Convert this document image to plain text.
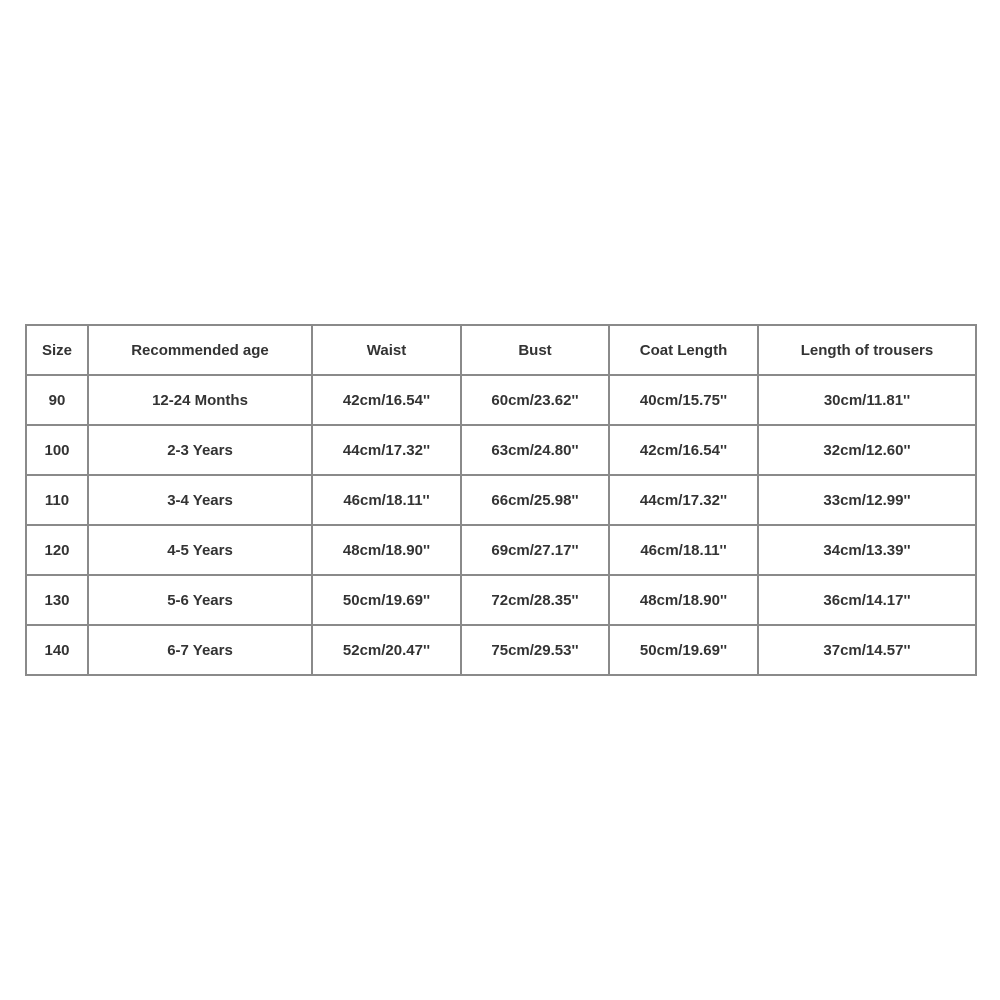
Size	Recommended age	Waist	Bust	Coat Length	Length of trousers
90	12-24 Months	42cm/16.54''	60cm/23.62''	40cm/15.75''	30cm/11.81''
100	2-3 Years	44cm/17.32''	63cm/24.80''	42cm/16.54''	32cm/12.60''
110	3-4 Years	46cm/18.11''	66cm/25.98''	44cm/17.32''	33cm/12.99''
120	4-5 Years	48cm/18.90''	69cm/27.17''	46cm/18.11''	34cm/13.39''
130	5-6 Years	50cm/19.69''	72cm/28.35''	48cm/18.90''	36cm/14.17''
140	6-7 Years	52cm/20.47''	75cm/29.53''	50cm/19.69''	37cm/14.57''
